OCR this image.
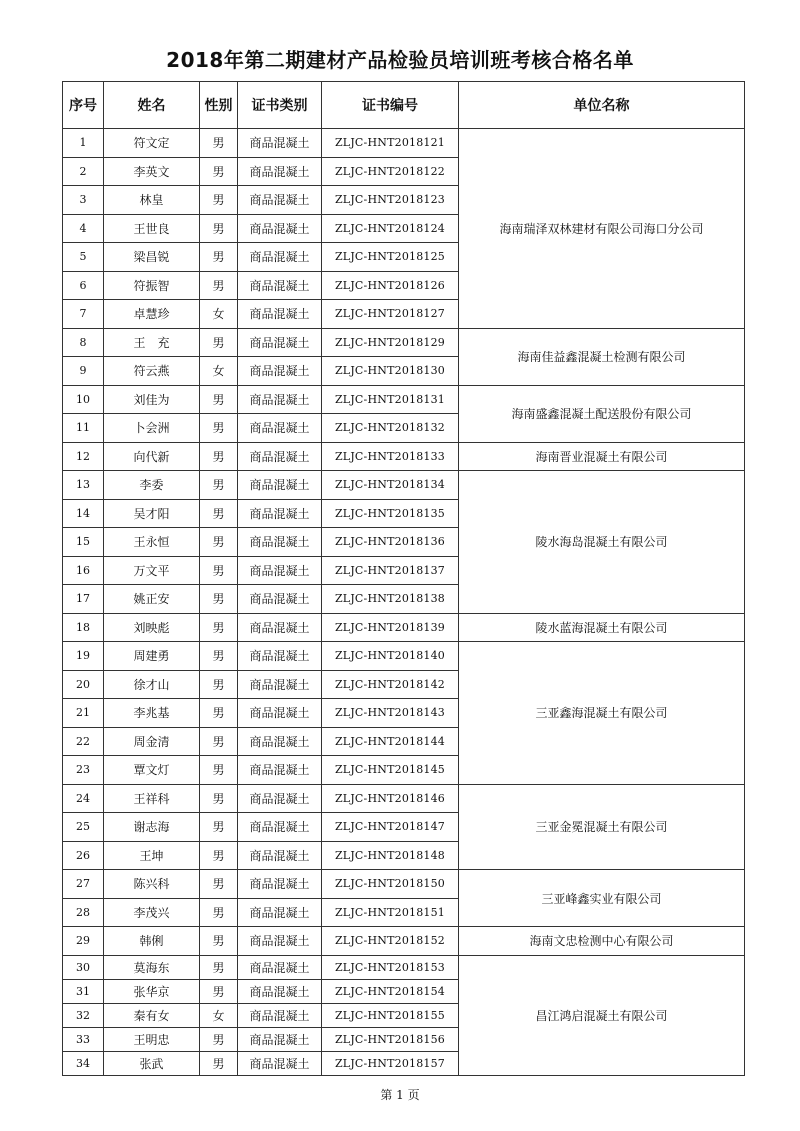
2018年第二期建材产品检验员培训班考核合格名单
序号	姓名	性别	证书类别	证书编号	单位名称
1	符文定	男	商品混凝土	ZLJC-HNT2018121	海南瑞泽双林建材有限公司海口分公司
2	李英文	男	商品混凝土	ZLJC-HNT2018122	
3	林皇	男	商品混凝土	ZLJC-HNT2018123	
4	王世良	男	商品混凝土	ZLJC-HNT2018124	
5	梁昌锐	男	商品混凝土	ZLJC-HNT2018125	
6	符振智	男	商品混凝土	ZLJC-HNT2018126	
7	卓慧珍	女	商品混凝土	ZLJC-HNT2018127	
8	王　充	男	商品混凝土	ZLJC-HNT2018129	海南佳益鑫混凝土检测有限公司
9	符云燕	女	商品混凝土	ZLJC-HNT2018130	
10	刘佳为	男	商品混凝土	ZLJC-HNT2018131	海南盛鑫混凝土配送股份有限公司
11	卜会洲	男	商品混凝土	ZLJC-HNT2018132	
12	向代新	男	商品混凝土	ZLJC-HNT2018133	海南晋业混凝土有限公司
13	李委	男	商品混凝土	ZLJC-HNT2018134	陵水海岛混凝土有限公司
14	吴才阳	男	商品混凝土	ZLJC-HNT2018135	
15	王永恒	男	商品混凝土	ZLJC-HNT2018136	
16	万文平	男	商品混凝土	ZLJC-HNT2018137	
17	姚正安	男	商品混凝土	ZLJC-HNT2018138	
18	刘映彪	男	商品混凝土	ZLJC-HNT2018139	陵水蓝海混凝土有限公司
19	周建勇	男	商品混凝土	ZLJC-HNT2018140	三亚鑫海混凝土有限公司
20	徐才山	男	商品混凝土	ZLJC-HNT2018142	
21	李兆基	男	商品混凝土	ZLJC-HNT2018143	
22	周金清	男	商品混凝土	ZLJC-HNT2018144	
23	覃文灯	男	商品混凝土	ZLJC-HNT2018145	
24	王祥科	男	商品混凝土	ZLJC-HNT2018146	三亚金冕混凝土有限公司
25	谢志海	男	商品混凝土	ZLJC-HNT2018147	
26	王坤	男	商品混凝土	ZLJC-HNT2018148	
27	陈兴科	男	商品混凝土	ZLJC-HNT2018150	三亚峰鑫实业有限公司
28	李茂兴	男	商品混凝土	ZLJC-HNT2018151	
29	韩俐	男	商品混凝土	ZLJC-HNT2018152	海南文忠检测中心有限公司
30	莫海东	男	商品混凝土	ZLJC-HNT2018153	昌江鸿启混凝土有限公司
31	张华京	男	商品混凝土	ZLJC-HNT2018154	
32	秦有女	女	商品混凝土	ZLJC-HNT2018155	
33	王明忠	男	商品混凝土	ZLJC-HNT2018156	
34	张武	男	商品混凝土	ZLJC-HNT2018157	
第 1 页
